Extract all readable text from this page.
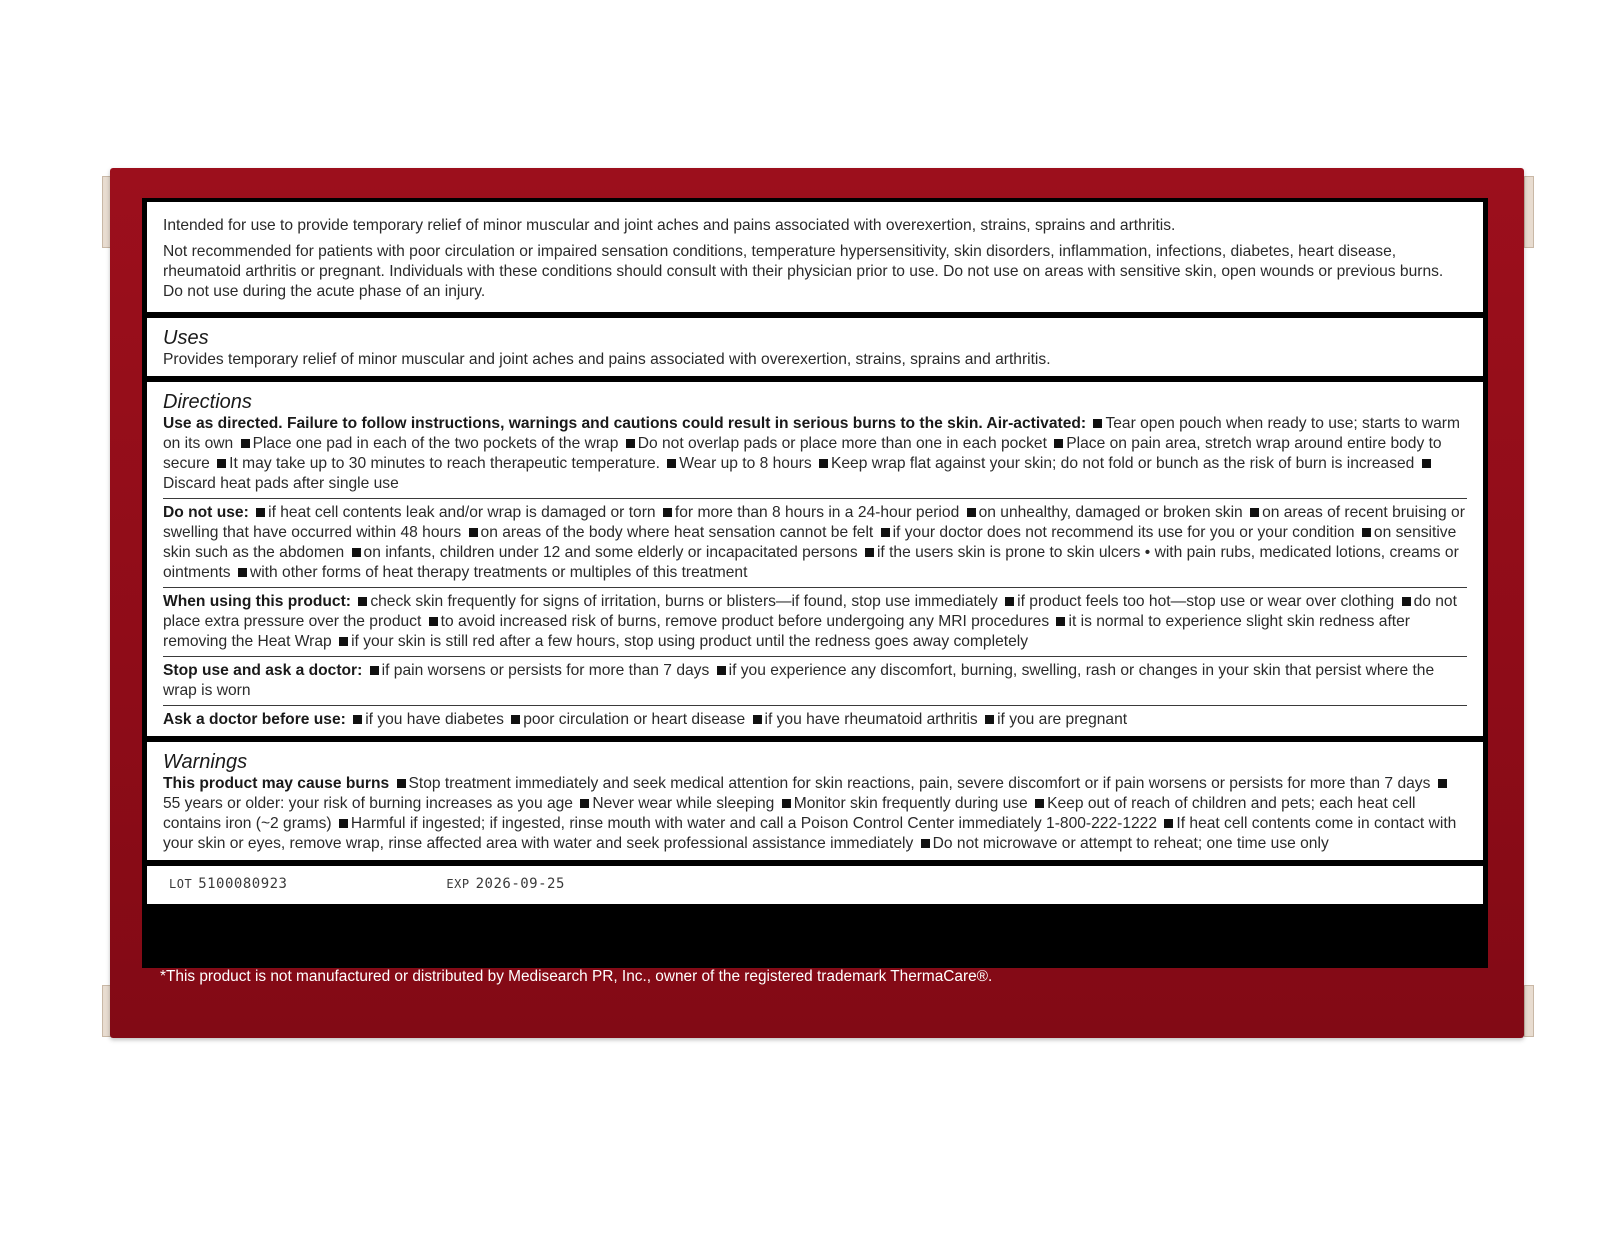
Intended for use to provide temporary relief of minor muscular and joint aches and pains associated with overexertion, strains, sprains and arthritis.

Not recommended for patients with poor circulation or impaired sensation conditions, temperature hypersensitivity, skin disorders, inflammation, infections, diabetes, heart disease, rheumatoid arthritis or pregnant. Individuals with these conditions should consult with their physician prior to use. Do not use on areas with sensitive skin, open wounds or previous burns. Do not use during the acute phase of an injury.

Uses

Provides temporary relief of minor muscular and joint aches and pains associated with overexertion, strains, sprains and arthritis.

Directions
Use as directed. Failure to follow instructions, warnings and cautions could result in serious burns to the skin. Air-activated: Tear open pouch when ready to use; starts to warm on its own Place one pad in each of the two pockets of the wrap Do not overlap pads or place more than one in each pocket Place on pain area, stretch wrap around entire body to secure It may take up to 30 minutes to reach therapeutic temperature. Wear up to 8 hours Keep wrap flat against your skin; do not fold or bunch as the risk of burn is increased Discard heat pads after single use
Do not use: if heat cell contents leak and/or wrap is damaged or torn for more than 8 hours in a 24-hour period on unhealthy, damaged or broken skin on areas of recent bruising or swelling that have occurred within 48 hours on areas of the body where heat sensation cannot be felt if your doctor does not recommend its use for you or your condition on sensitive skin such as the abdomen on infants, children under 12 and some elderly or incapacitated persons if the users skin is prone to skin ulcers • with pain rubs, medicated lotions, creams or ointments with other forms of heat therapy treatments or multiples of this treatment
When using this product: check skin frequently for signs of irritation, burns or blisters—if found, stop use immediately if product feels too hot—stop use or wear over clothing do not place extra pressure over the product to avoid increased risk of burns, remove product before undergoing any MRI procedures it is normal to experience slight skin redness after removing the Heat Wrap if your skin is still red after a few hours, stop using product until the redness goes away completely
Stop use and ask a doctor: if pain worsens or persists for more than 7 days if you experience any discomfort, burning, swelling, rash or changes in your skin that persist where the wrap is worn
Ask a doctor before use: if you have diabetes poor circulation or heart disease if you have rheumatoid arthritis if you are pregnant
Warnings
This product may cause burns Stop treatment immediately and seek medical attention for skin reactions, pain, severe discomfort or if pain worsens or persists for more than 7 days 55 years or older: your risk of burning increases as you age Never wear while sleeping Monitor skin frequently during use Keep out of reach of children and pets; each heat cell contains iron (~2 grams) Harmful if ingested; if ingested, rinse mouth with water and call a Poison Control Center immediately 1-800-222-1222 If heat cell contents come in contact with your skin or eyes, remove wrap, rinse affected area with water and seek professional assistance immediately Do not microwave or attempt to reheat; one time use only
LOT 5100080923	EXP 2026-09-25
*This product is not manufactured or distributed by Medisearch PR, Inc., owner of the registered trademark ThermaCare®.
